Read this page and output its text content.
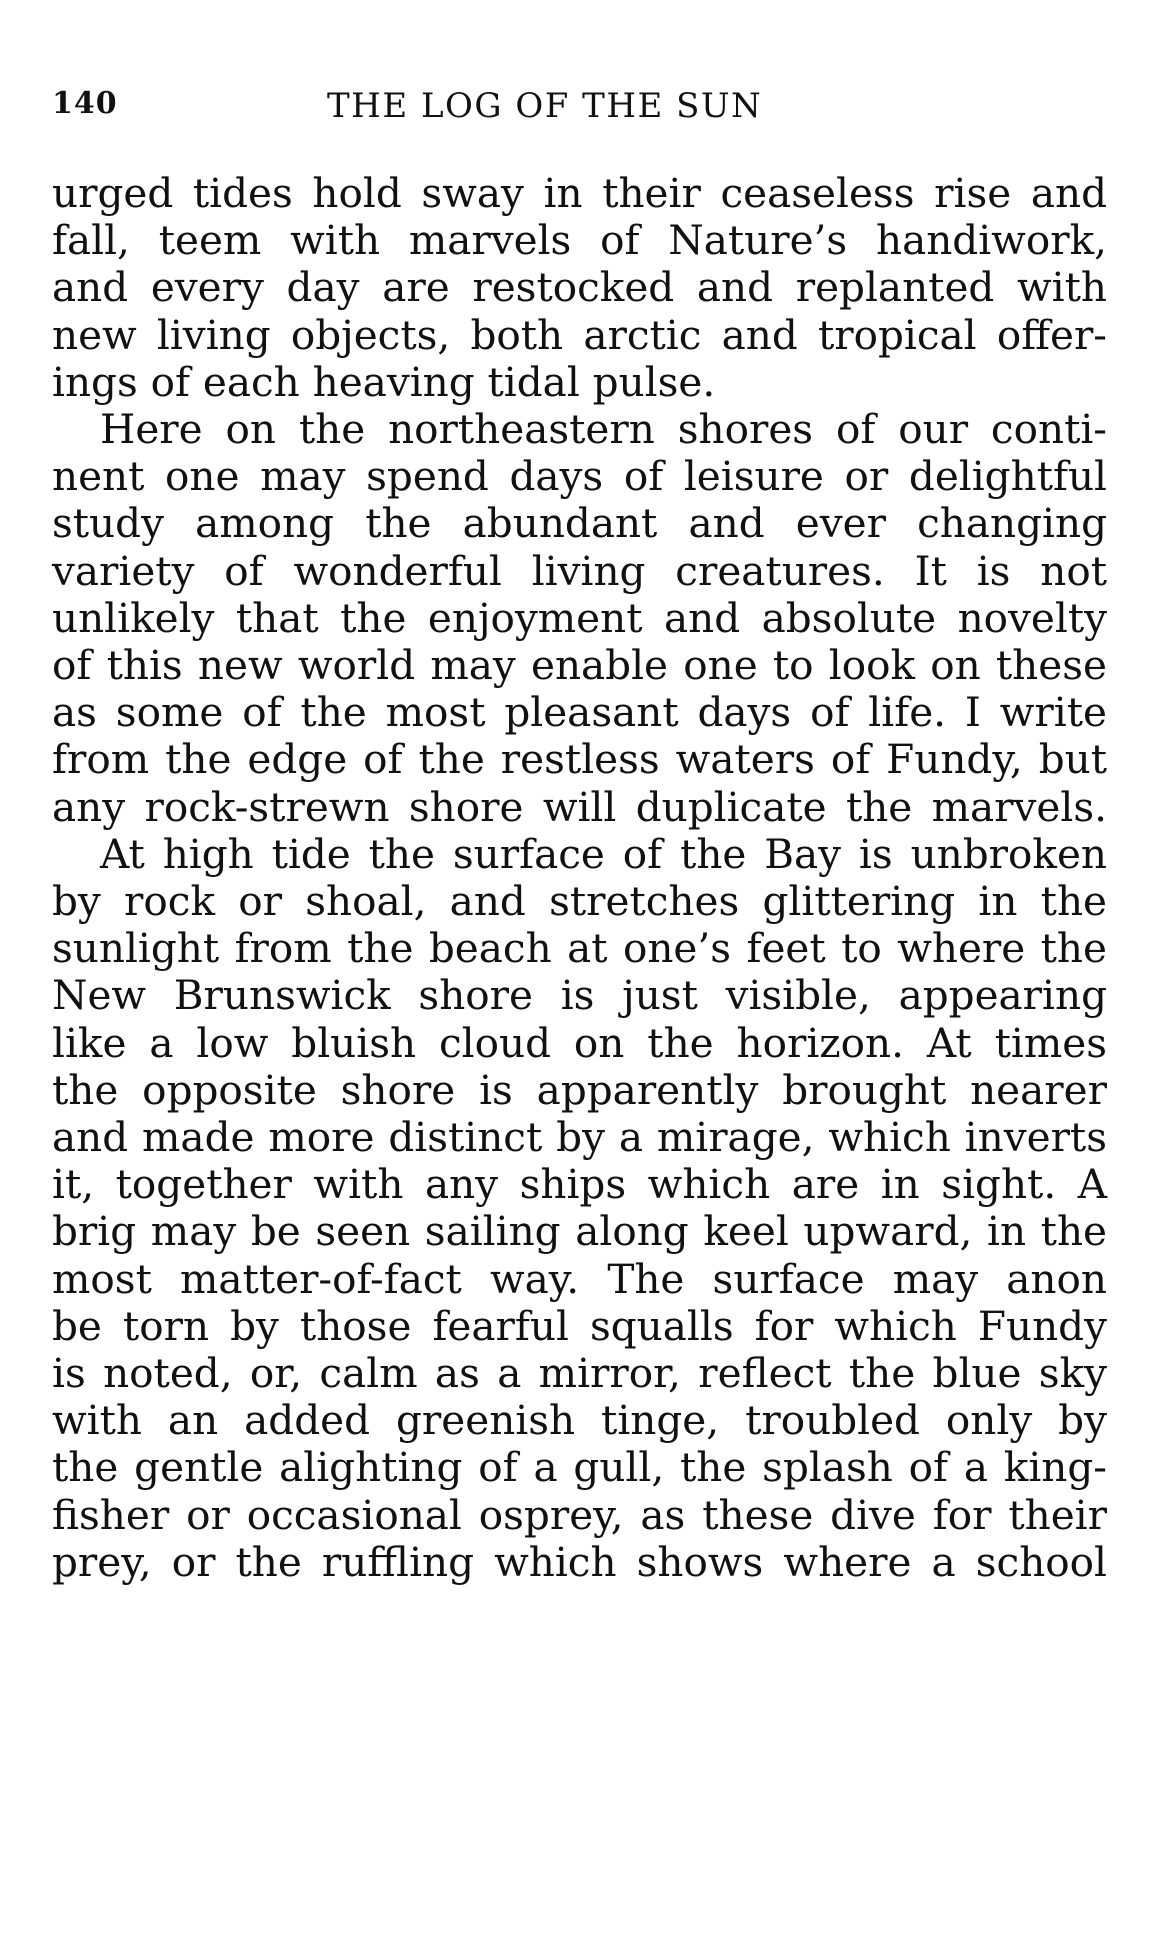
140	THE LOG OF THE SUN
urged tides hold sway in their ceaseless rise and
fall, teem with marvels of Nature’s handiwork,
and every day are restocked and replanted with
new living objects, both arctic and tropical offer-
ings of each heaving tidal pulse.
Here on the northeastern shores of our conti-
nent one may spend days of leisure or delightful
study among the abundant and ever changing
variety of wonderful living creatures. It is not
unlikely that the enjoyment and absolute novelty
of this new world may enable one to look on these
as some of the most pleasant days of life. I write
from the edge of the restless waters of Fundy, but
any rock-strewn shore will duplicate the marvels.
At high tide the surface of the Bay is unbroken
by rock or shoal, and stretches glittering in the
sunlight from the beach at one’s feet to where the
New Brunswick shore is just visible, appearing
like a low bluish cloud on the horizon. At times
the opposite shore is apparently brought nearer
and made more distinct by a mirage, which inverts
it, together with any ships which are in sight. A
brig may be seen sailing along keel upward, in the
most matter-of-fact way. The surface may anon
be torn by those fearful squalls for which Fundy
is noted, or, calm as a mirror, reflect the blue sky
with an added greenish tinge, troubled only by
the gentle alighting of a gull, the splash of a king-
fisher or occasional osprey, as these dive for their
prey, or the ruffling which shows where a school
